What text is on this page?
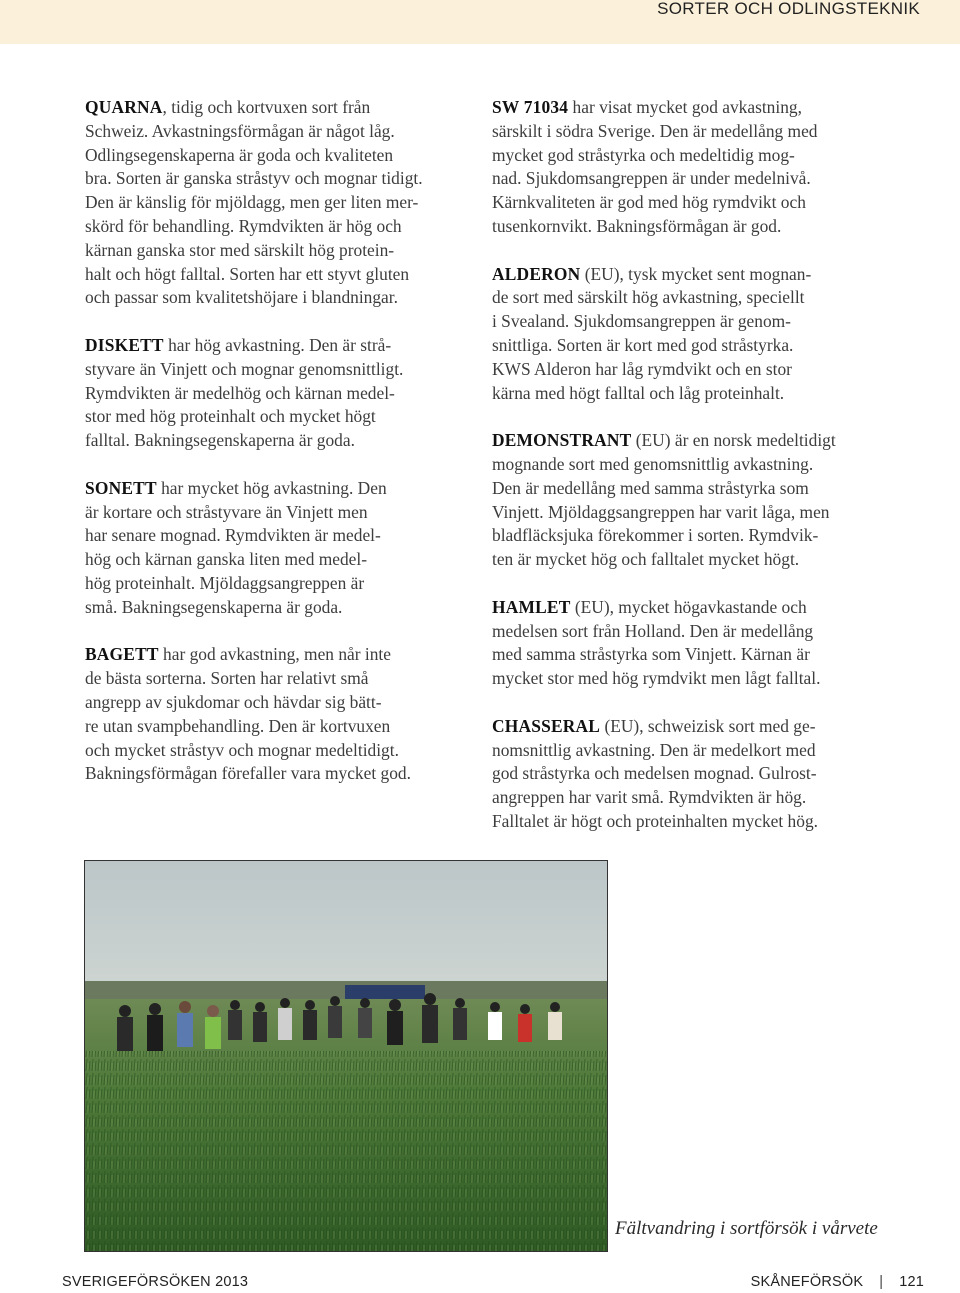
SORTER OCH ODLINGSTEKNIK

QUARNA, tidig och kortvuxen sort från
Schweiz. Avkastningsförmågan är något låg.
Odlingsegenskaperna är goda och kvaliteten
bra. Sorten är ganska stråstyv och mognar tidigt.
Den är känslig för mjöldagg, men ger liten mer-
skörd för behandling. Rymdvikten är hög och
kärnan ganska stor med särskilt hög protein-
halt och högt falltal. Sorten har ett styvt gluten
och passar som kvalitetshöjare i blandningar.

DISKETT har hög avkastning. Den är strå-
styvare än Vinjett och mognar genomsnittligt.
Rymdvikten är medelhög och kärnan medel-
stor med hög proteinhalt och mycket högt
falltal. Bakningsegenskaperna är goda.

SONETT har mycket hög avkastning. Den
är kortare och stråstyvare än Vinjett men
har senare mognad. Rymdvikten är medel-
hög och kärnan ganska liten med medel-
hög proteinhalt. Mjöldaggsangreppen är
små. Bakningsegenskaperna är goda.

BAGETT har god avkastning, men når inte
de bästa sorterna. Sorten har relativt små
angrepp av sjukdomar och hävdar sig bätt-
re utan svampbehandling. Den är kortvuxen
och mycket stråstyv och mognar medeltidigt.
Bakningsförmågan förefaller vara mycket god.

SW 71034 har visat mycket god avkastning,
särskilt i södra Sverige. Den är medellång med
mycket god stråstyrka och medeltidig mog-
nad. Sjukdomsangreppen är under medelnivå.
Kärnkvaliteten är god med hög rymdvikt och
tusenkornvikt. Bakningsförmågan är god.

ALDERON (EU), tysk mycket sent mognan-
de sort med särskilt hög avkastning, speciellt
i Svealand. Sjukdomsangreppen är genom-
snittliga. Sorten är kort med god stråstyrka.
KWS Alderon har låg rymdvikt och en stor
kärna med högt falltal och låg proteinhalt.

DEMONSTRANT (EU) är en norsk medeltidigt
mognande sort med genomsnittlig avkastning.
Den är medellång med samma stråstyrka som
Vinjett. Mjöldaggsangreppen har varit låga, men
bladfläcksjuka förekommer i sorten. Rymdvik-
ten är mycket hög och falltalet mycket högt.

HAMLET (EU), mycket högavkastande och
medelsen sort från Holland. Den är medellång
med samma stråstyrka som Vinjett. Kärnan är
mycket stor med hög rymdvikt men lågt falltal.

CHASSERAL (EU), schweizisk sort med ge-
nomsnittlig avkastning. Den är medelkort med
god stråstyrka och medelsen mognad. Gulrost-
angreppen har varit små. Rymdvikten är hög.
Falltalet är högt och proteinhalten mycket hög.

Fältvandring i sortförsök i vårvete
SVERIGEFÖRSÖKEN 2013	SKÅNEFÖRSÖK | 121
